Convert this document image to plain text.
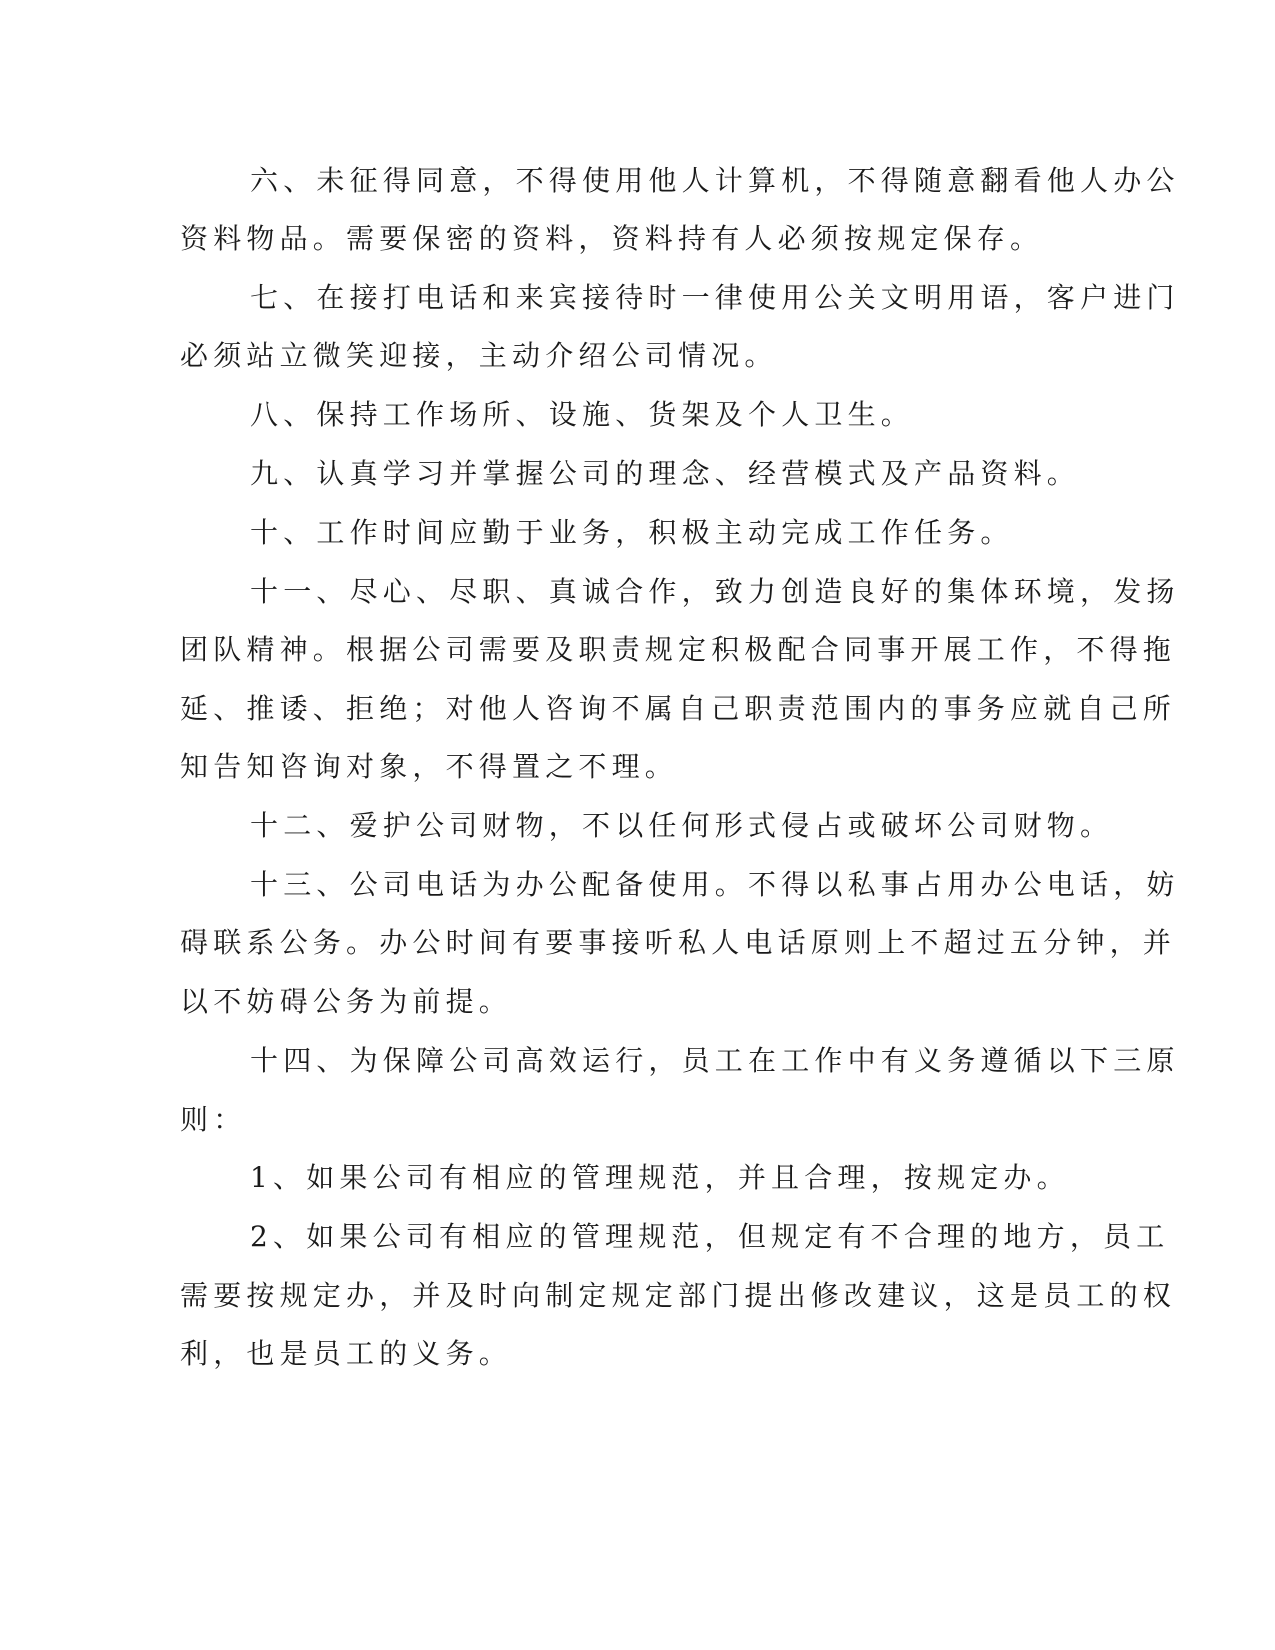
六、未征得同意，不得使用他人计算机，不得随意翻看他人办公
资料物品。需要保密的资料，资料持有人必须按规定保存。
七、在接打电话和来宾接待时一律使用公关文明用语，客户进门
必须站立微笑迎接，主动介绍公司情况。
八、保持工作场所、设施、货架及个人卫生。
九、认真学习并掌握公司的理念、经营模式及产品资料。
十、工作时间应勤于业务，积极主动完成工作任务。
十一、尽心、尽职、真诚合作，致力创造良好的集体环境，发扬
团队精神。根据公司需要及职责规定积极配合同事开展工作，不得拖
延、推诿、拒绝；对他人咨询不属自己职责范围内的事务应就自己所
知告知咨询对象，不得置之不理。
十二、爱护公司财物，不以任何形式侵占或破坏公司财物。
十三、公司电话为办公配备使用。不得以私事占用办公电话，妨
碍联系公务。办公时间有要事接听私人电话原则上不超过五分钟，并
以不妨碍公务为前提。
十四、为保障公司高效运行，员工在工作中有义务遵循以下三原
则：
1、如果公司有相应的管理规范，并且合理，按规定办。
2、如果公司有相应的管理规范，但规定有不合理的地方，员工
需要按规定办，并及时向制定规定部门提出修改建议，这是员工的权
利，也是员工的义务。
